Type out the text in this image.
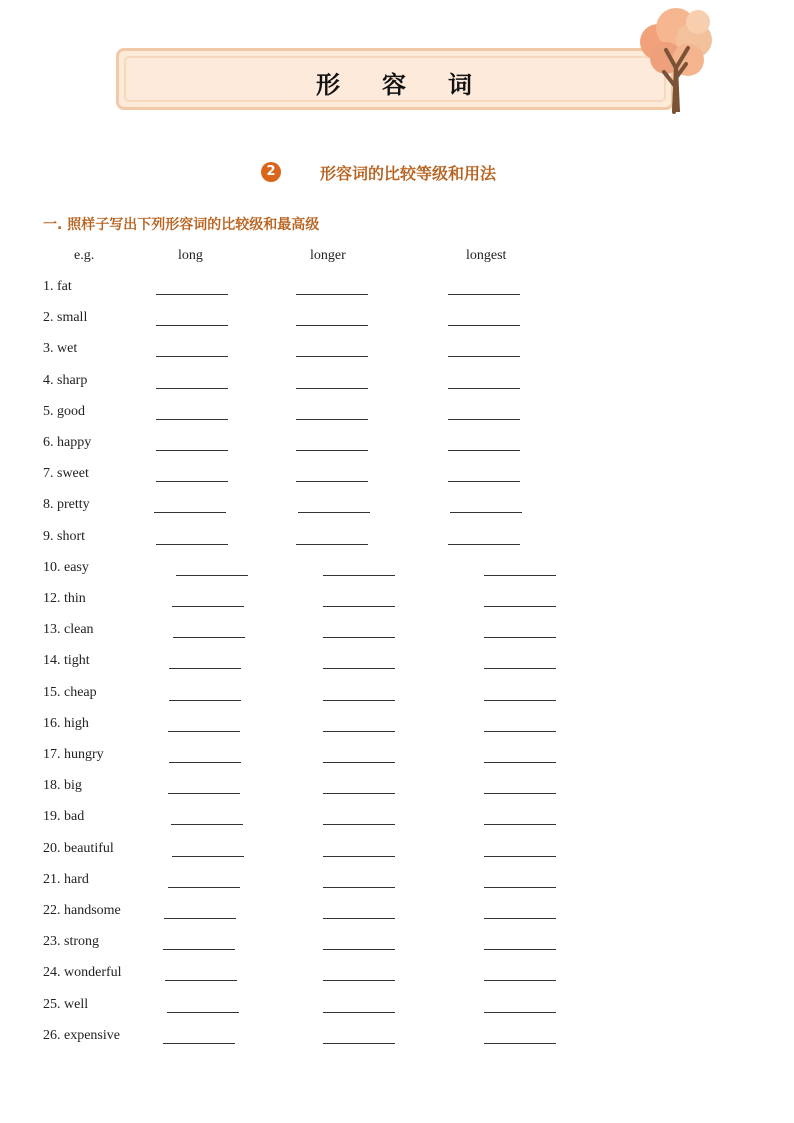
形 容 词
2	形容词的比较等级和用法
一. 照样子写出下列形容词的比较级和最高级
e.g.	long	longer	longest
1. fat
2. small
3. wet
4. sharp
5. good
6. happy
7. sweet
8. pretty
9. short
10. easy
12. thin
13. clean
14. tight
15. cheap
16. high
17. hungry
18. big
19. bad
20. beautiful
21. hard
22. handsome
23. strong
24. wonderful
25. well
26. expensive
